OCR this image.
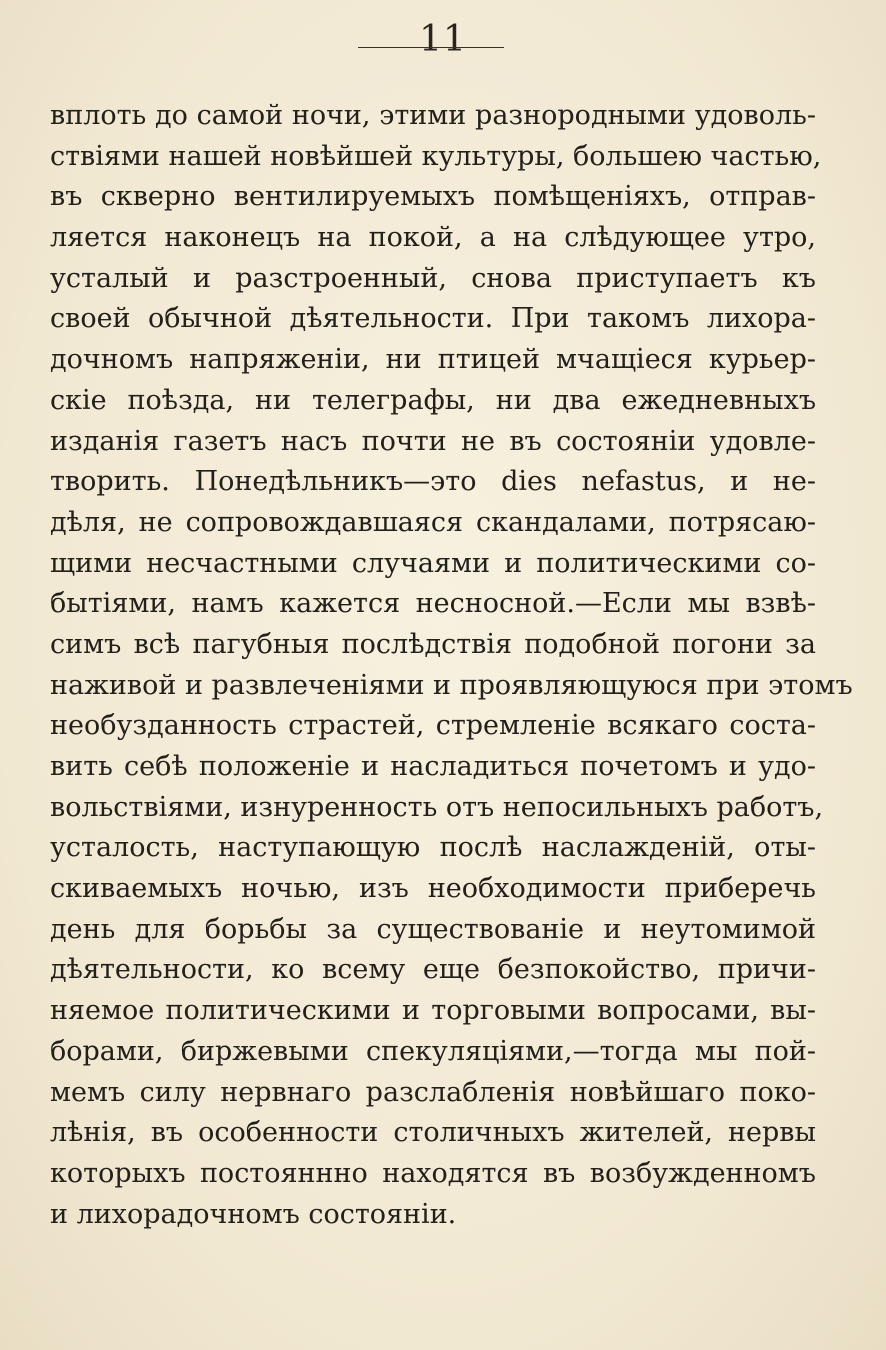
11
вплоть до самой ночи, этими разнородными удоволь-
ствіями нашей новѣйшей культуры, большею частью,
въ скверно вентилируемыхъ помѣщеніяхъ, отправ-
ляется наконецъ на покой, а на слѣдующее утро,
усталый и разстроенный, снова приступаетъ къ
своей обычной дѣятельности. При такомъ лихора-
дочномъ напряженіи, ни птицей мчащіеся курьер-
скіе поѣзда, ни телеграфы, ни два ежедневныхъ
изданія газетъ насъ почти не въ состояніи удовле-
творить. Понедѣльникъ—это dies nefastus, и не-
дѣля, не сопровождавшаяся скандалами, потрясаю-
щими несчастными случаями и политическими со-
бытіями, намъ кажется несносной.—Если мы взвѣ-
симъ всѣ пагубныя послѣдствія подобной погони за
наживой и развлеченіями и проявляющуюся при этомъ
необузданность страстей, стремленіе всякаго соста-
вить себѣ положеніе и насладиться почетомъ и удо-
вольствіями, изнуренность отъ непосильныхъ работъ,
усталость, наступающую послѣ наслажденій, оты-
скиваемыхъ ночью, изъ необходимости приберечь
день для борьбы за существованіе и неутомимой
дѣятельности, ко всему еще безпокойство, причи-
няемое политическими и торговыми вопросами, вы-
борами, биржевыми спекуляціями,—тогда мы пой-
мемъ силу нервнаго разслабленія новѣйшаго поко-
лѣнія, въ особенности столичныхъ жителей, нервы
которыхъ постояннно находятся въ возбужденномъ
и лихорадочномъ состояніи.
